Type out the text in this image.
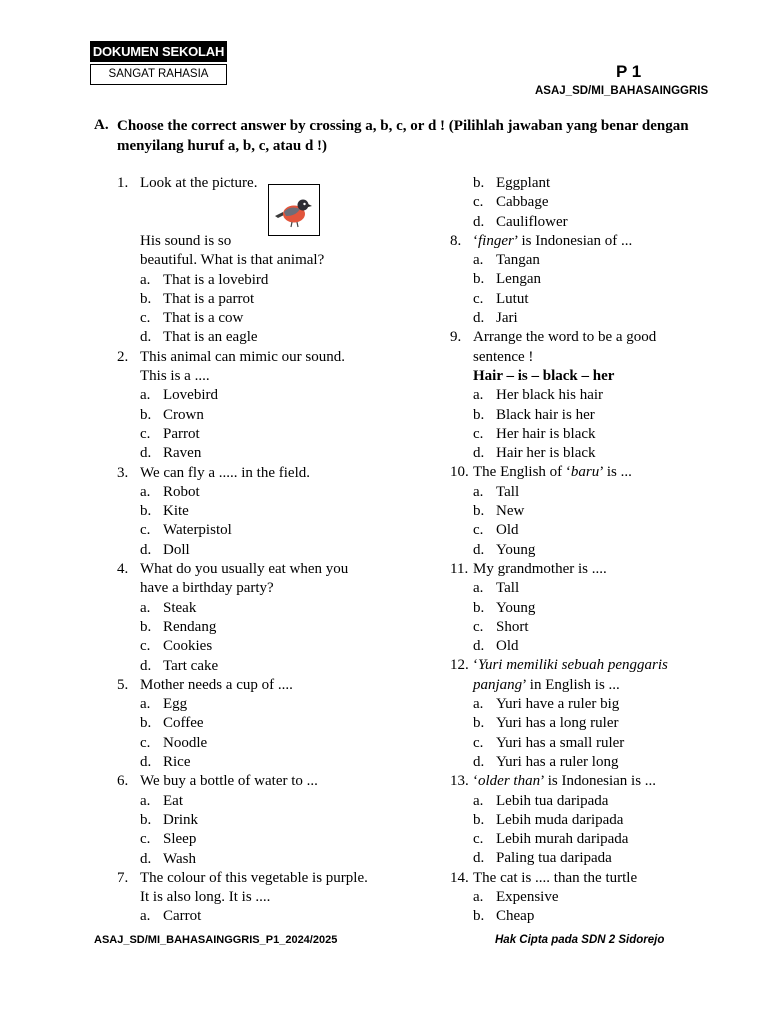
DOKUMEN SEKOLAH
SANGAT RAHASIA	P 1
ASAJ_SD/MI_BAHASAINGGRIS
A. Choose the correct answer by crossing a, b, c, or d ! (Pilihlah jawaban yang benar dengan menyilang huruf a, b, c, atau d !)
1. Look at the picture.
His sound is so
beautiful. What is that animal?
a. That is a lovebird
b. That is a parrot
c. That is a cow
d. That is an eagle
2. This animal can mimic our sound.
This is a ....
a. Lovebird
b. Crown
c. Parrot
d. Raven
3. We can fly a ..... in the field.
a. Robot
b. Kite
c. Waterpistol
d. Doll
4. What do you usually eat when you
have a birthday party?
a. Steak
b. Rendang
c. Cookies
d. Tart cake
5. Mother needs a cup of ....
a. Egg
b. Coffee
c. Noodle
d. Rice
6. We buy a bottle of water to ...
a. Eat
b. Drink
c. Sleep
d. Wash
7. The colour of this vegetable is purple.
It is also long. It is ....
a. Carrot
b. Eggplant
c. Cabbage
d. Cauliflower
8. ‘finger’ is Indonesian of ...
a. Tangan
b. Lengan
c. Lutut
d. Jari
9. Arrange the word to be a good
sentence !
Hair – is – black – her
a. Her black his hair
b. Black hair is her
c. Her hair is black
d. Hair her is black
10. The English of ‘baru’ is ...
a. Tall
b. New
c. Old
d. Young
11. My grandmother is ....
a. Tall
b. Young
c. Short
d. Old
12. ‘Yuri memiliki sebuah penggaris
panjang’ in English is ...
a. Yuri have a ruler big
b. Yuri has a long ruler
c. Yuri has a small ruler
d. Yuri has a ruler long
13. ‘older than’ is Indonesian is ...
a. Lebih tua daripada
b. Lebih muda daripada
c. Lebih murah daripada
d. Paling tua daripada
14. The cat is .... than the turtle
a. Expensive
b. Cheap
ASAJ_SD/MI_BAHASAINGGRIS_P1_2024/2025	Hak Cipta pada SDN 2 Sidorejo
